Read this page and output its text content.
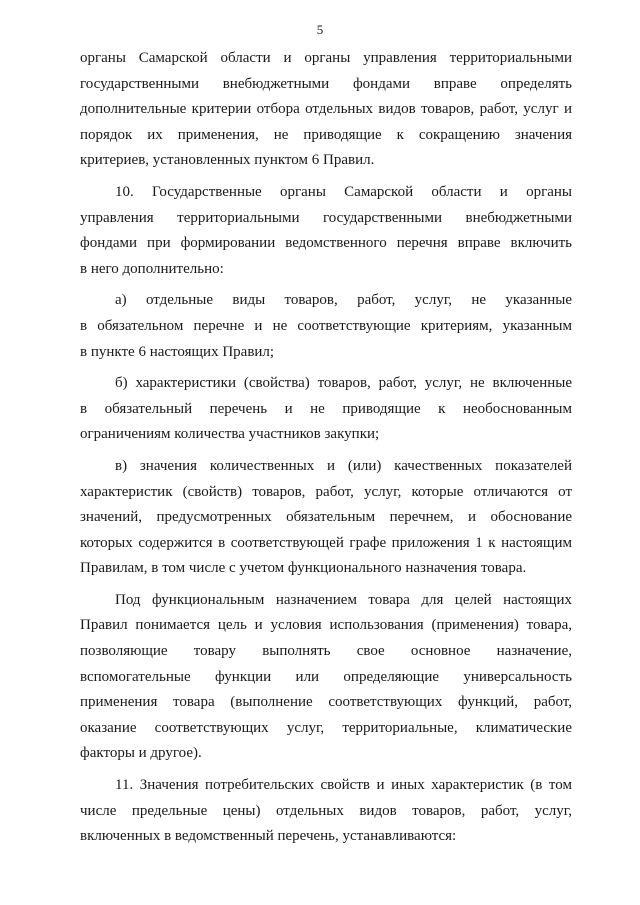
5
органы Самарской области и органы управления территориальными
государственными внебюджетными фондами вправе определять
дополнительные критерии отбора отдельных видов товаров, работ, услуг и
порядок их применения, не приводящие к сокращению значения
критериев, установленных пунктом 6 Правил.
10. Государственные органы Самарской области и органы
управления территориальными государственными внебюджетными
фондами при формировании ведомственного перечня вправе включить
в него дополнительно:
а) отдельные виды товаров, работ, услуг, не указанные
в обязательном перечне и не соответствующие критериям, указанным
в пункте 6 настоящих Правил;
б) характеристики (свойства) товаров, работ, услуг, не включенные
в обязательный перечень и не приводящие к необоснованным
ограничениям количества участников закупки;
в) значения количественных и (или) качественных показателей
характеристик (свойств) товаров, работ, услуг, которые отличаются от
значений, предусмотренных обязательным перечнем, и обоснование
которых содержится в соответствующей графе приложения 1 к настоящим
Правилам, в том числе с учетом функционального назначения товара.
Под функциональным назначением товара для целей настоящих
Правил понимается цель и условия использования (применения) товара,
позволяющие товару выполнять свое основное назначение,
вспомогательные функции или определяющие универсальность
применения товара (выполнение соответствующих функций, работ,
оказание соответствующих услуг, территориальные, климатические
факторы и другое).
11. Значения потребительских свойств и иных характеристик (в том
числе предельные цены) отдельных видов товаров, работ, услуг,
включенных в ведомственный перечень, устанавливаются:
